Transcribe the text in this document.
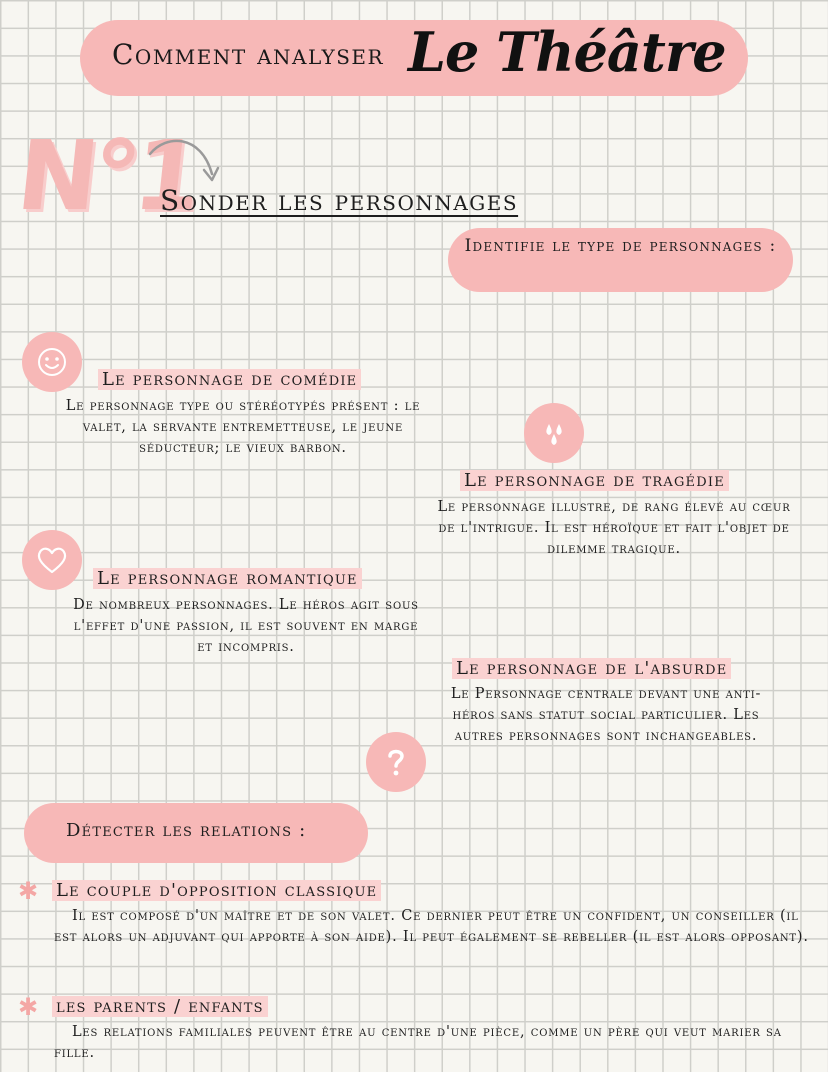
Comment analyser Le Théâtre
N°1
Sonder les personnages
Identifie le type de personnages :
Le personnage de comédie
Le personnage type ou stéréotypés présent : le valet, la servante entremetteuse, le jeune séducteur; le vieux barbon.
Le personnage de tragédie
Le personnage illustre, de rang élevé au cœur de l'intrigue. Il est héroïque et fait l'objet de dilemme tragique.
Le personnage romantique
De nombreux personnages. Le héros agit sous l'effet d'une passion, il est souvent en marge et incompris.
Le personnage de l'absurde
Le Personnage centrale devant une anti-héros sans statut social particulier. Les autres personnages sont inchangeables.
Détecter les relations :
✱ Le couple d'opposition classique
Il est composé d'un maître et de son valet. Ce dernier peut être un confident, un conseiller (il est alors un adjuvant qui apporte à son aide). Il peut également se rebeller (il est alors opposant).
✱ les parents / enfants
Les relations familiales peuvent être au centre d'une pièce, comme un père qui veut marier sa fille.
